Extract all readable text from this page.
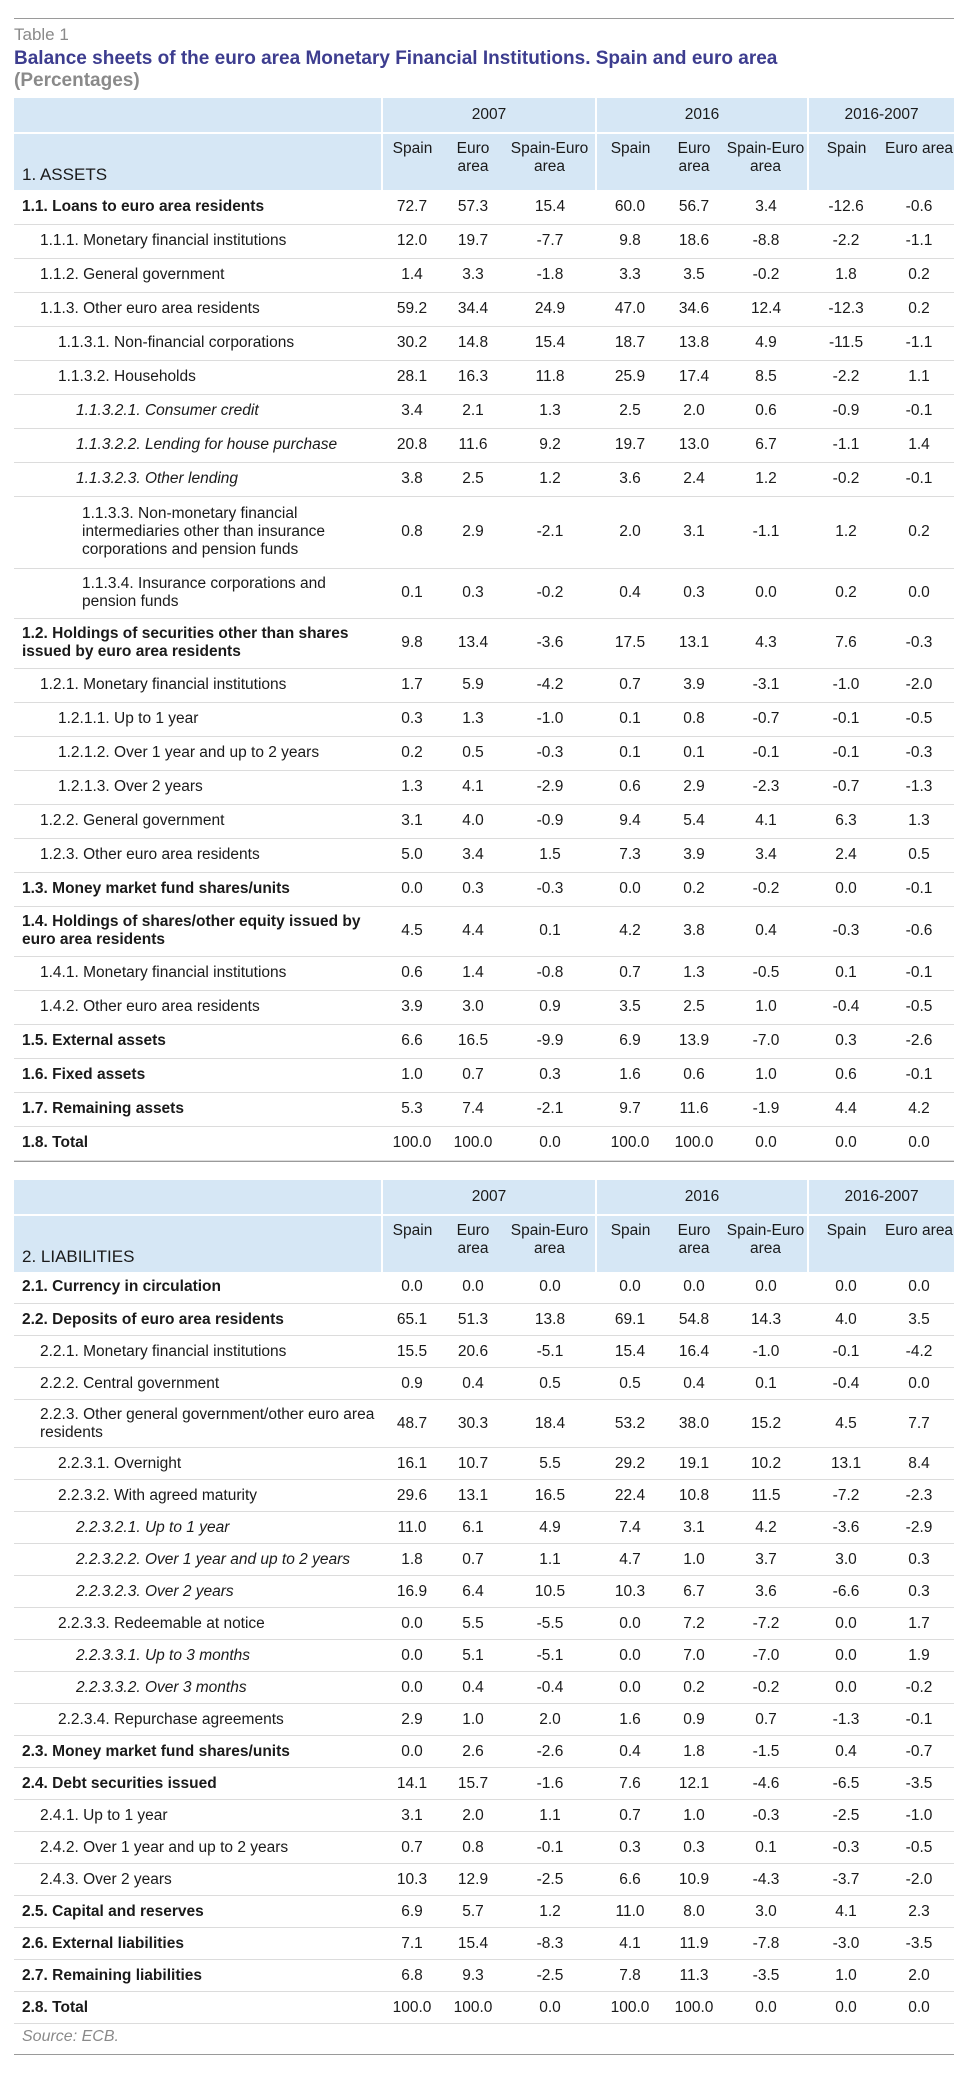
Table 1

Balance sheets of the euro area Monetary Financial Institutions. Spain and euro area

(Percentages)

	2007			2016			2016-2007	
1. ASSETS	Spain	Euro area	Spain-Euro area	Spain	Euro area	Spain-Euro area	Spain	Euro area
1.1. Loans to euro area residents	72.7	57.3	15.4	60.0	56.7	3.4	-12.6	-0.6
1.1.1. Monetary financial institutions	12.0	19.7	-7.7	9.8	18.6	-8.8	-2.2	-1.1
1.1.2. General government	1.4	3.3	-1.8	3.3	3.5	-0.2	1.8	0.2
1.1.3. Other euro area residents	59.2	34.4	24.9	47.0	34.6	12.4	-12.3	0.2
1.1.3.1. Non-financial corporations	30.2	14.8	15.4	18.7	13.8	4.9	-11.5	-1.1
1.1.3.2. Households	28.1	16.3	11.8	25.9	17.4	8.5	-2.2	1.1
1.1.3.2.1. Consumer credit	3.4	2.1	1.3	2.5	2.0	0.6	-0.9	-0.1
1.1.3.2.2. Lending for house purchase	20.8	11.6	9.2	19.7	13.0	6.7	-1.1	1.4
1.1.3.2.3. Other lending	3.8	2.5	1.2	3.6	2.4	1.2	-0.2	-0.1
1.1.3.3. Non-monetary financial intermediaries other than insurance corporations and pension funds	0.8	2.9	-2.1	2.0	3.1	-1.1	1.2	0.2
1.1.3.4. Insurance corporations and pension funds	0.1	0.3	-0.2	0.4	0.3	0.0	0.2	0.0
1.2. Holdings of securities other than shares issued by euro area residents	9.8	13.4	-3.6	17.5	13.1	4.3	7.6	-0.3
1.2.1. Monetary financial institutions	1.7	5.9	-4.2	0.7	3.9	-3.1	-1.0	-2.0
1.2.1.1. Up to 1 year	0.3	1.3	-1.0	0.1	0.8	-0.7	-0.1	-0.5
1.2.1.2. Over 1 year and up to 2 years	0.2	0.5	-0.3	0.1	0.1	-0.1	-0.1	-0.3
1.2.1.3. Over 2 years	1.3	4.1	-2.9	0.6	2.9	-2.3	-0.7	-1.3
1.2.2. General government	3.1	4.0	-0.9	9.4	5.4	4.1	6.3	1.3
1.2.3. Other euro area residents	5.0	3.4	1.5	7.3	3.9	3.4	2.4	0.5
1.3. Money market fund shares/units	0.0	0.3	-0.3	0.0	0.2	-0.2	0.0	-0.1
1.4. Holdings of shares/other equity issued by euro area residents	4.5	4.4	0.1	4.2	3.8	0.4	-0.3	-0.6
1.4.1. Monetary financial institutions	0.6	1.4	-0.8	0.7	1.3	-0.5	0.1	-0.1
1.4.2. Other euro area residents	3.9	3.0	0.9	3.5	2.5	1.0	-0.4	-0.5
1.5. External assets	6.6	16.5	-9.9	6.9	13.9	-7.0	0.3	-2.6
1.6. Fixed assets	1.0	0.7	0.3	1.6	0.6	1.0	0.6	-0.1
1.7. Remaining assets	5.3	7.4	-2.1	9.7	11.6	-1.9	4.4	4.2
1.8. Total	100.0	100.0	0.0	100.0	100.0	0.0	0.0	0.0
	2007			2016			2016-2007	
2. LIABILITIES	Spain	Euro area	Spain-Euro area	Spain	Euro area	Spain-Euro area	Spain	Euro area
2.1. Currency in circulation	0.0	0.0	0.0	0.0	0.0	0.0	0.0	0.0
2.2. Deposits of euro area residents	65.1	51.3	13.8	69.1	54.8	14.3	4.0	3.5
2.2.1. Monetary financial institutions	15.5	20.6	-5.1	15.4	16.4	-1.0	-0.1	-4.2
2.2.2. Central government	0.9	0.4	0.5	0.5	0.4	0.1	-0.4	0.0
2.2.3. Other general government/other euro area residents	48.7	30.3	18.4	53.2	38.0	15.2	4.5	7.7
2.2.3.1. Overnight	16.1	10.7	5.5	29.2	19.1	10.2	13.1	8.4
2.2.3.2. With agreed maturity	29.6	13.1	16.5	22.4	10.8	11.5	-7.2	-2.3
2.2.3.2.1. Up to 1 year	11.0	6.1	4.9	7.4	3.1	4.2	-3.6	-2.9
2.2.3.2.2. Over 1 year and up to 2 years	1.8	0.7	1.1	4.7	1.0	3.7	3.0	0.3
2.2.3.2.3. Over 2 years	16.9	6.4	10.5	10.3	6.7	3.6	-6.6	0.3
2.2.3.3. Redeemable at notice	0.0	5.5	-5.5	0.0	7.2	-7.2	0.0	1.7
2.2.3.3.1. Up to 3 months	0.0	5.1	-5.1	0.0	7.0	-7.0	0.0	1.9
2.2.3.3.2. Over 3 months	0.0	0.4	-0.4	0.0	0.2	-0.2	0.0	-0.2
2.2.3.4. Repurchase agreements	2.9	1.0	2.0	1.6	0.9	0.7	-1.3	-0.1
2.3. Money market fund shares/units	0.0	2.6	-2.6	0.4	1.8	-1.5	0.4	-0.7
2.4. Debt securities issued	14.1	15.7	-1.6	7.6	12.1	-4.6	-6.5	-3.5
2.4.1. Up to 1 year	3.1	2.0	1.1	0.7	1.0	-0.3	-2.5	-1.0
2.4.2. Over 1 year and up to 2 years	0.7	0.8	-0.1	0.3	0.3	0.1	-0.3	-0.5
2.4.3. Over 2 years	10.3	12.9	-2.5	6.6	10.9	-4.3	-3.7	-2.0
2.5. Capital and reserves	6.9	5.7	1.2	11.0	8.0	3.0	4.1	2.3
2.6. External liabilities	7.1	15.4	-8.3	4.1	11.9	-7.8	-3.0	-3.5
2.7. Remaining liabilities	6.8	9.3	-2.5	7.8	11.3	-3.5	1.0	2.0
2.8. Total	100.0	100.0	0.0	100.0	100.0	0.0	0.0	0.0
Source: ECB.
